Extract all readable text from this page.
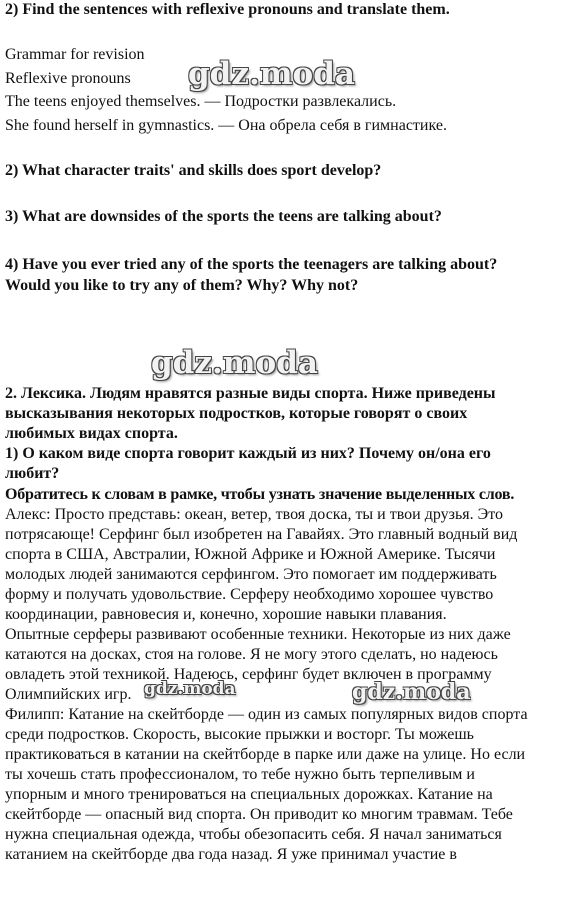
2) Find the sentences with reflexive pronouns and translate them.
Grammar for revision
Reflexive pronouns
The teens enjoyed themselves. — Подростки развлекались.
She found herself in gymnastics. — Она обрела себя в гимнастике.
2) What character traits' and skills does sport develop?
3) What are downsides of the sports the teens are talking about?
4) Have you ever tried any of the sports the teenagers are talking about?
Would you like to try any of them? Why? Why not?
2. Лексика. Людям нравятся разные виды спорта. Ниже приведены
высказывания некоторых подростков, которые говорят о своих
любимых видах спорта.
1) О каком виде спорта говорит каждый из них? Почему он/она его
любит?
Обратитесь к словам в рамке, чтобы узнать значение выделенных слов.
Алекс: Просто представь: океан, ветер, твоя доска, ты и твои друзья. Это
потрясающе! Серфинг был изобретен на Гавайях. Это главный водный вид
спорта в США, Австралии, Южной Африке и Южной Америке. Тысячи
молодых людей занимаются серфингом. Это помогает им поддерживать
форму и получать удовольствие. Серферу необходимо хорошее чувство
координации, равновесия и, конечно, хорошие навыки плавания.
Опытные серферы развивают особенные техники. Некоторые из них даже
катаются на досках, стоя на голове. Я не могу этого сделать, но надеюсь
овладеть этой техникой. Надеюсь, серфинг будет включен в программу
Олимпийских игр.
Филипп: Катание на скейтборде — один из самых популярных видов спорта
среди подростков. Скорость, высокие прыжки и восторг. Ты можешь
практиковаться в катании на скейтборде в парке или даже на улице. Но если
ты хочешь стать профессионалом, то тебе нужно быть терпеливым и
упорным и много тренироваться на специальных дорожках. Катание на
скейтборде — опасный вид спорта. Он приводит ко многим травмам. Тебе
нужна специальная одежда, чтобы обезопасить себя. Я начал заниматься
катанием на скейтборде два года назад. Я уже принимал участие в
gdz.moda
gdz.moda
gdz.moda	gdz.moda
